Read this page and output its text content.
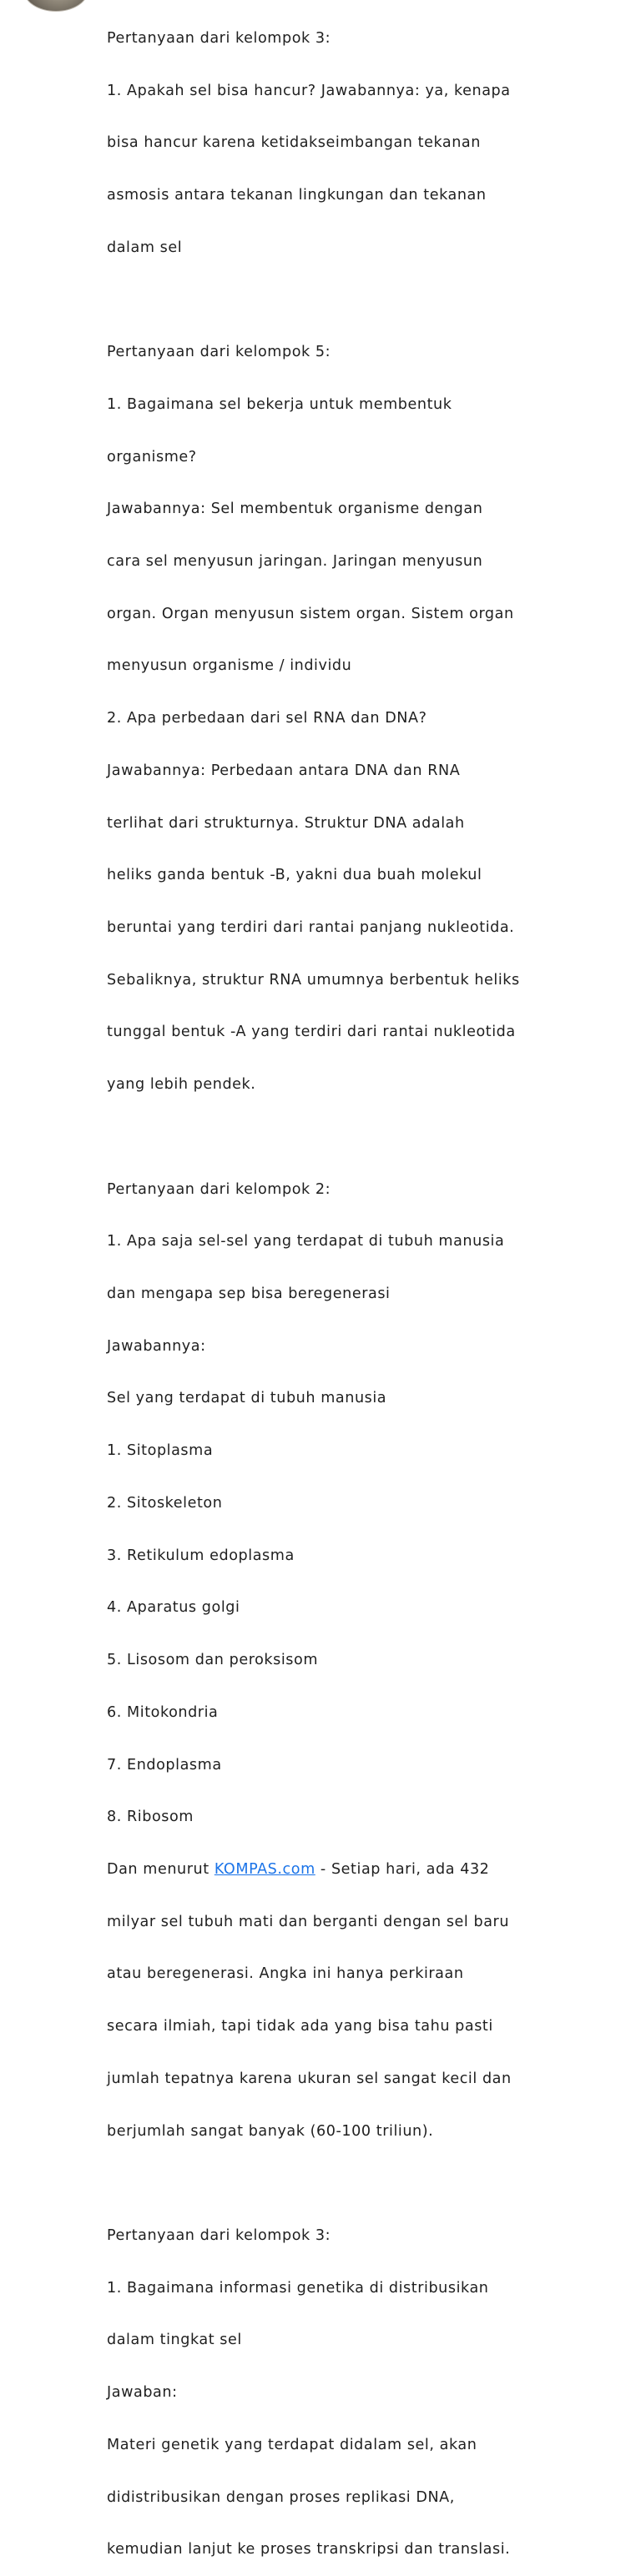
Pertanyaan dari kelompok 3:

1. Apakah sel bisa hancur? Jawabannya: ya, kenapa

bisa hancur karena ketidakseimbangan tekanan

asmosis antara tekanan lingkungan dan tekanan

dalam sel

Pertanyaan dari kelompok 5:

1. Bagaimana sel bekerja untuk membentuk

organisme?

Jawabannya: Sel membentuk organisme dengan

cara sel menyusun jaringan. Jaringan menyusun

organ. Organ menyusun sistem organ. Sistem organ

menyusun organisme / individu

2. Apa perbedaan dari sel RNA dan DNA?

Jawabannya: Perbedaan antara DNA dan RNA

terlihat dari strukturnya. Struktur DNA adalah

heliks ganda bentuk -B, yakni dua buah molekul

beruntai yang terdiri dari rantai panjang nukleotida.

Sebaliknya, struktur RNA umumnya berbentuk heliks

tunggal bentuk -A yang terdiri dari rantai nukleotida

yang lebih pendek.

Pertanyaan dari kelompok 2:

1. Apa saja sel-sel yang terdapat di tubuh manusia

dan mengapa sep bisa beregenerasi

Jawabannya:

Sel yang terdapat di tubuh manusia

1. Sitoplasma

2. Sitoskeleton

3. Retikulum edoplasma

4. Aparatus golgi

5. Lisosom dan peroksisom

6. Mitokondria

7. Endoplasma

8. Ribosom

Dan menurut KOMPAS.com - Setiap hari, ada 432

milyar sel tubuh mati dan berganti dengan sel baru

atau beregenerasi. Angka ini hanya perkiraan

secara ilmiah, tapi tidak ada yang bisa tahu pasti

jumlah tepatnya karena ukuran sel sangat kecil dan

berjumlah sangat banyak (60-100 triliun).

Pertanyaan dari kelompok 3:

1. Bagaimana informasi genetika di distribusikan

dalam tingkat sel

Jawaban:

Materi genetik yang terdapat didalam sel, akan

didistribusikan dengan proses replikasi DNA,

kemudian lanjut ke proses transkripsi dan translasi.
